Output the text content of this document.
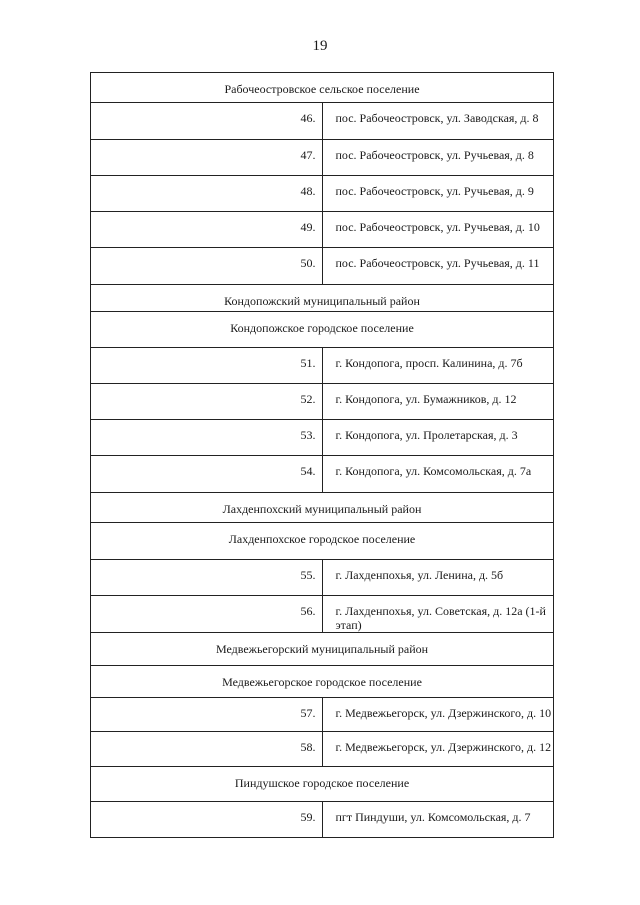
19
Рабочеостровское сельское поселение	
46.	пос. Рабочеостровск, ул. Заводская, д. 8
47.	пос. Рабочеостровск, ул. Ручьевая, д. 8
48.	пос. Рабочеостровск, ул. Ручьевая, д. 9
49.	пос. Рабочеостровск, ул. Ручьевая, д. 10
50.	пос. Рабочеостровск, ул. Ручьевая, д. 11
Кондопожский муниципальный район	
Кондопожское городское поселение	
51.	г. Кондопога, просп. Калинина, д. 7б
52.	г. Кондопога, ул. Бумажников, д. 12
53.	г. Кондопога, ул. Пролетарская, д. 3
54.	г. Кондопога, ул. Комсомольская, д. 7а
Лахденпохский муниципальный район	
Лахденпохское городское поселение	
55.	г. Лахденпохья, ул. Ленина, д. 5б
56.	г. Лахденпохья, ул. Советская, д. 12а (1-й этап)
Медвежьегорский муниципальный район	
Медвежьегорское городское поселение	
57.	г. Медвежьегорск, ул. Дзержинского, д. 10
58.	г. Медвежьегорск, ул. Дзержинского, д. 12
Пиндушское городское поселение	
59.	пгт Пиндуши, ул. Комсомольская, д. 7
